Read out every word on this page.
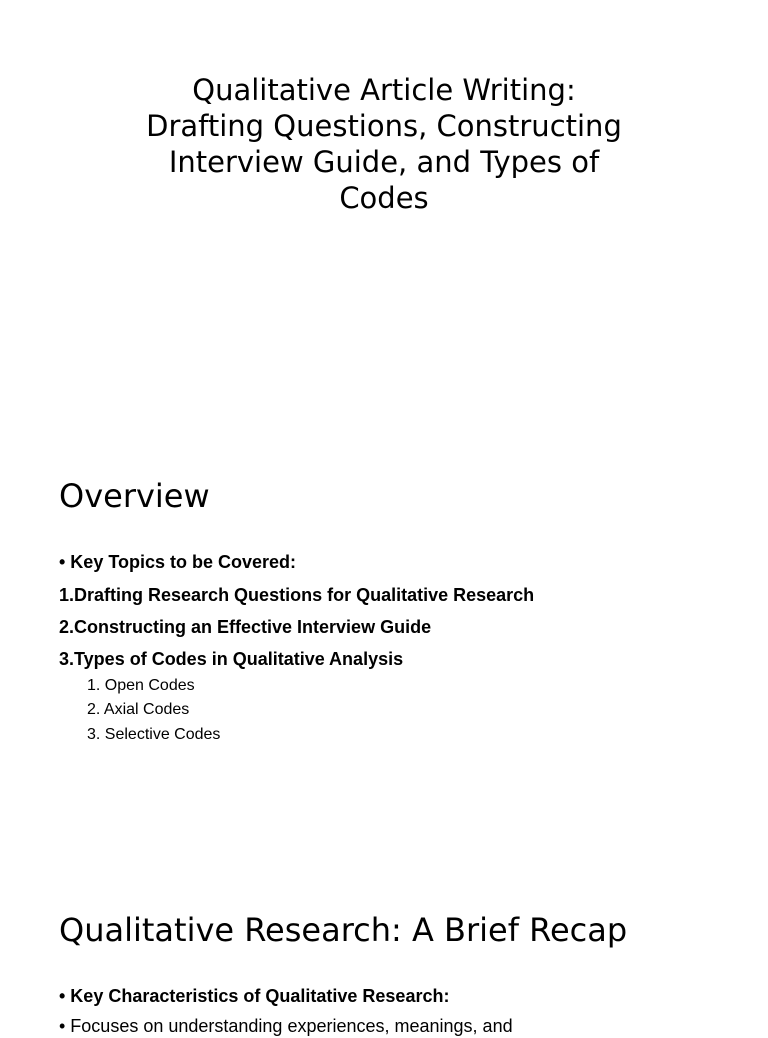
Qualitative Article Writing:
Drafting Questions, Constructing
Interview Guide, and Types of
Codes
Overview
• Key Topics to be Covered:
1.Drafting Research Questions for Qualitative Research
2.Constructing an Effective Interview Guide
3.Types of Codes in Qualitative Analysis
1. Open Codes
2. Axial Codes
3. Selective Codes
Qualitative Research: A Brief Recap
• Key Characteristics of Qualitative Research:
• Focuses on understanding experiences, meanings, and
